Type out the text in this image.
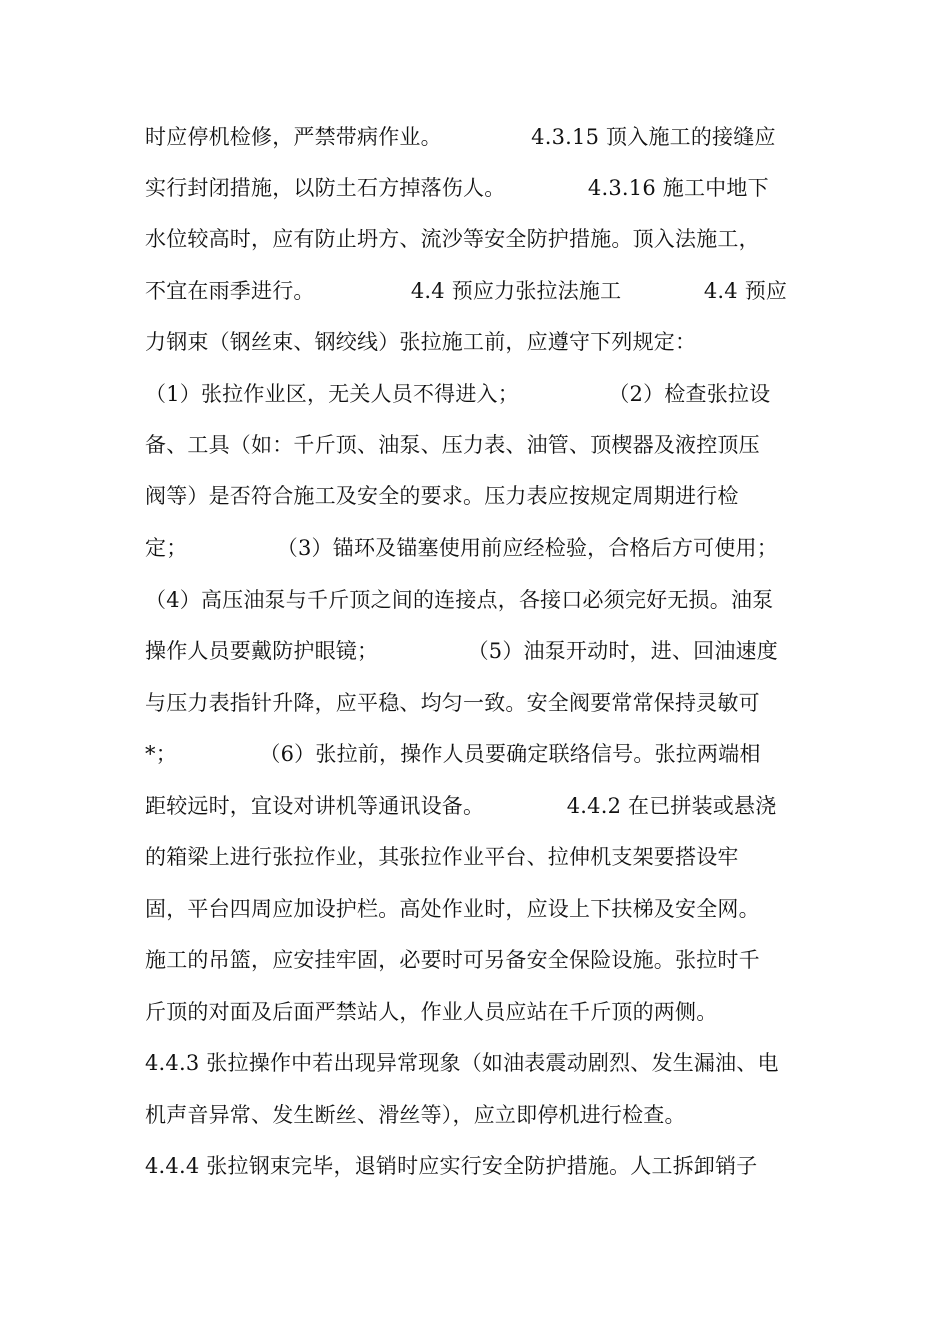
时应停机检修，严禁带病作业。             4.3.15 顶入施工的接缝应
实行封闭措施，以防土石方掉落伤人。            4.3.16 施工中地下
水位较高时，应有防止坍方、流沙等安全防护措施。顶入法施工，
不宜在雨季进行。              4.4 预应力张拉法施工            4.4 预应
力钢束（钢丝束、钢绞线）张拉施工前，应遵守下列规定：
（1）张拉作业区，无关人员不得进入；             （2）检查张拉设
备、工具（如：千斤顶、油泵、压力表、油管、顶楔器及液控顶压
阀等）是否符合施工及安全的要求。压力表应按规定周期进行检
定；             （3）锚环及锚塞使用前应经检验，合格后方可使用；
（4）高压油泵与千斤顶之间的连接点，各接口必须完好无损。油泵
操作人员要戴防护眼镜；             （5）油泵开动时，进、回油速度
与压力表指针升降，应平稳、均匀一致。安全阀要常常保持灵敏可
*；            （6）张拉前，操作人员要确定联络信号。张拉两端相
距较远时，宜设对讲机等通讯设备。            4.4.2 在已拼装或悬浇
的箱梁上进行张拉作业，其张拉作业平台、拉伸机支架要搭设牢
固，平台四周应加设护栏。高处作业时，应设上下扶梯及安全网。
施工的吊篮，应安挂牢固，必要时可另备安全保险设施。张拉时千
斤顶的对面及后面严禁站人，作业人员应站在千斤顶的两侧。
4.4.3 张拉操作中若出现异常现象（如油表震动剧烈、发生漏油、电
机声音异常、发生断丝、滑丝等），应立即停机进行检查。
4.4.4 张拉钢束完毕，退销时应实行安全防护措施。人工拆卸销子
